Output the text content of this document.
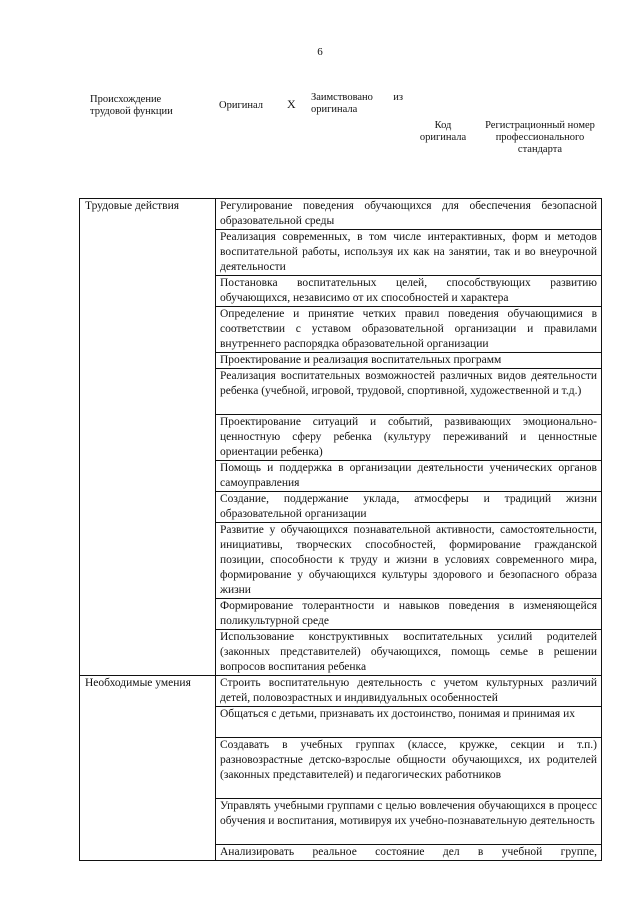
6
Происхождение трудовой функции
Оригинал X Заимствовано из оригинала
Код оригинала
Регистрационный номер профессионального стандарта
Трудовые действия	Регулирование поведения обучающихся для обеспечения безопасной образовательной среды
	Реализация современных, в том числе интерактивных, форм и методов воспитательной работы, используя их как на занятии, так и во внеурочной деятельности
	Постановка воспитательных целей, способствующих развитию обучающихся, независимо от их способностей и характера
	Определение и принятие четких правил поведения обучающимися в соответствии с уставом образовательной организации и правилами внутреннего распорядка образовательной организации
	Проектирование и реализация воспитательных программ
	Реализация воспитательных возможностей различных видов деятельности ребенка (учебной, игровой, трудовой, спортивной, художественной и т.д.)
	Проектирование ситуаций и событий, развивающих эмоционально-ценностную сферу ребенка (культуру переживаний и ценностные ориентации ребенка)
	Помощь и поддержка в организации деятельности ученических органов самоуправления
	Создание, поддержание уклада, атмосферы и традиций жизни образовательной организации
	Развитие у обучающихся познавательной активности, самостоятельности, инициативы, творческих способностей, формирование гражданской позиции, способности к труду и жизни в условиях современного мира, формирование у обучающихся культуры здорового и безопасного образа жизни
	Формирование толерантности и навыков поведения в изменяющейся поликультурной среде
	Использование конструктивных воспитательных усилий родителей (законных представителей) обучающихся, помощь семье в решении вопросов воспитания ребенка
Необходимые умения	Строить воспитательную деятельность с учетом культурных различий детей, половозрастных и индивидуальных особенностей
	Общаться с детьми, признавать их достоинство, понимая и принимая их
	Создавать в учебных группах (классе, кружке, секции и т.п.) разновозрастные детско-взрослые общности обучающихся, их родителей (законных представителей) и педагогических работников
	Управлять учебными группами с целью вовлечения обучающихся в процесс обучения и воспитания, мотивируя их учебно-познавательную деятельность
	Анализировать реальное состояние дел в учебной группе,
